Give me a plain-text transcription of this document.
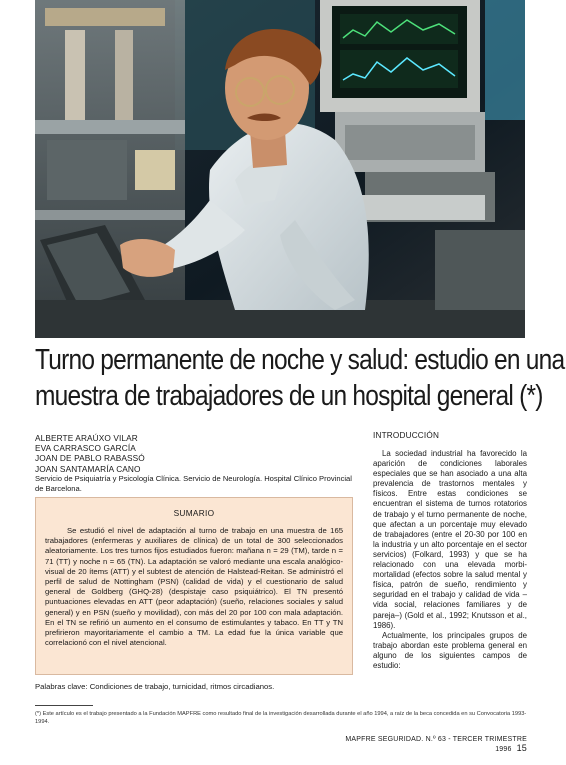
Turno permanente de noche y salud: estudio en una
muestra de trabajadores de un hospital general (*)
ALBERTE ARAÚXO VILAR
EVA CARRASCO GARCÍA
JOAN DE PABLO RABASSÓ
JOAN SANTAMARÍA CANO
Servicio de Psiquiatría y Psicología Clínica. Servicio de Neurología. Hospital Clínico Provincial de Barcelona.
SUMARIO

Se estudió el nivel de adaptación al turno de trabajo en una muestra de 165 trabajadores (enfermeras y auxiliares de clínica) de un total de 300 seleccionados aleatoriamente. Los tres turnos fijos estudiados fueron: mañana n = 29 (TM), tarde n = 71 (TT) y noche n = 65 (TN). La adaptación se valoró mediante una escala analógico-visual de 20 ítems (ATT) y el subtest de atención de Halstead-Reitan. Se administró el perfil de salud de Nottingham (PSN) (calidad de vida) y el cuestionario de salud general de Goldberg (GHQ-28) (despistaje caso psiquiátrico). El TN presentó puntuaciones elevadas en ATT (peor adaptación) (sueño, relaciones sociales y salud general) y en PSN (sueño y movilidad), con más del 20 por 100 con mala adaptación. En el TN se refirió un aumento en el consumo de estimulantes y tabaco. En TT y TN prefirieron mayoritariamente el cambio a TM. La edad fue la única variable que correlacionó con el nivel atencional.

Palabras clave: Condiciones de trabajo, turnicidad, ritmos circadianos.
INTRODUCCIÓN

La sociedad industrial ha favorecido la aparición de condiciones laborales especiales que se han asociado a una alta prevalencia de trastornos mentales y físicos. Entre estas condiciones se encuentran el sistema de turnos rotatorios de trabajo y el turno permanente de noche, que afectan a un porcentaje muy elevado de trabajadores (entre el 20-30 por 100 en la industria y un alto porcentaje en el sector servicios) (Folkard, 1993) y que se ha relacionado con una elevada morbi-mortalidad (efectos sobre la salud mental y física, patrón de sueño, rendimiento y seguridad en el trabajo y calidad de vida –vida social, relaciones familiares y de pareja–) (Gold et al., 1992; Knutsson et al., 1986).

Actualmente, los principales grupos de trabajo abordan este problema general en alguno de los siguientes campos de estudio:

(*) Este artículo es el trabajo presentado a la Fundación MAPFRE como resultado final de la investigación desarrollada durante el año 1994, a raíz de la beca concedida en su Convocatoria 1993-1994.
MAPFRE SEGURIDAD. N.º 63 - TERCER TRIMESTRE 1996 15
